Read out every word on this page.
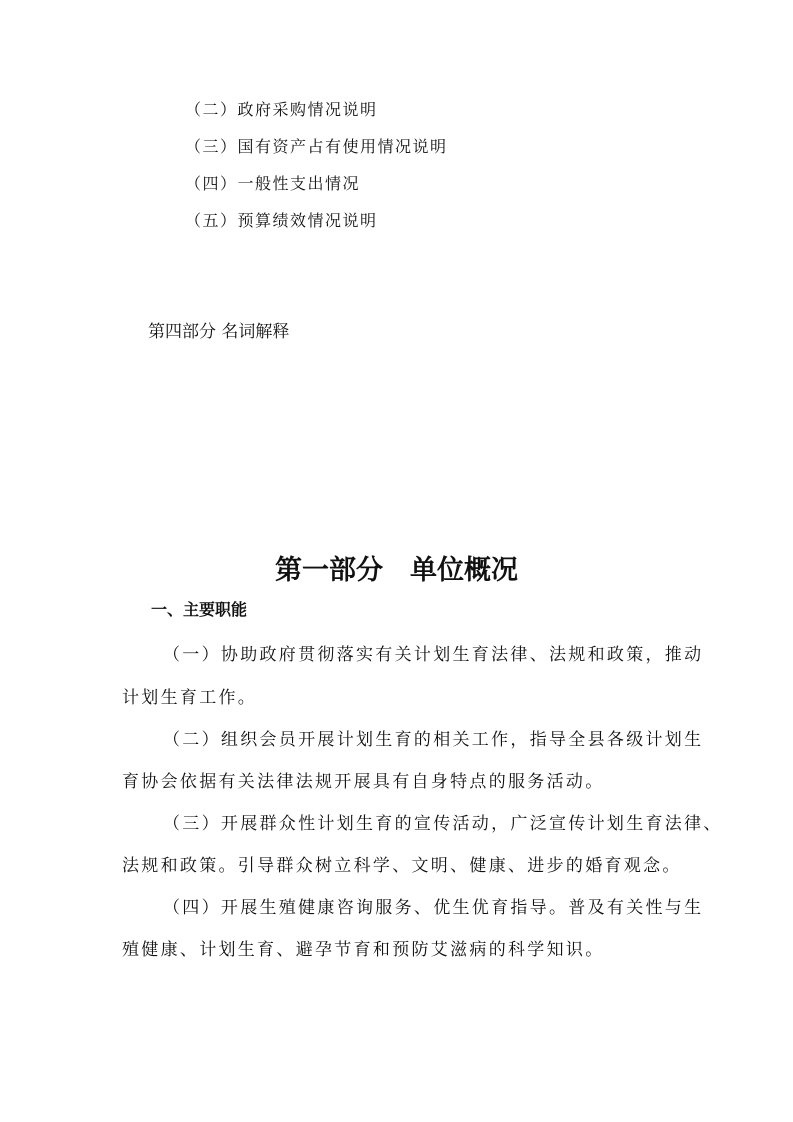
（二）政府采购情况说明
（三）国有资产占有使用情况说明
（四）一般性支出情况
（五）预算绩效情况说明
第四部分 名词解释
第一部分　单位概况
一、主要职能
（一）协助政府贯彻落实有关计划生育法律、法规和政策，推动
计划生育工作。
（二）组织会员开展计划生育的相关工作，指导全县各级计划生
育协会依据有关法律法规开展具有自身特点的服务活动。
（三）开展群众性计划生育的宣传活动，广泛宣传计划生育法律、
法规和政策。引导群众树立科学、文明、健康、进步的婚育观念。
（四）开展生殖健康咨询服务、优生优育指导。普及有关性与生
殖健康、计划生育、避孕节育和预防艾滋病的科学知识。
